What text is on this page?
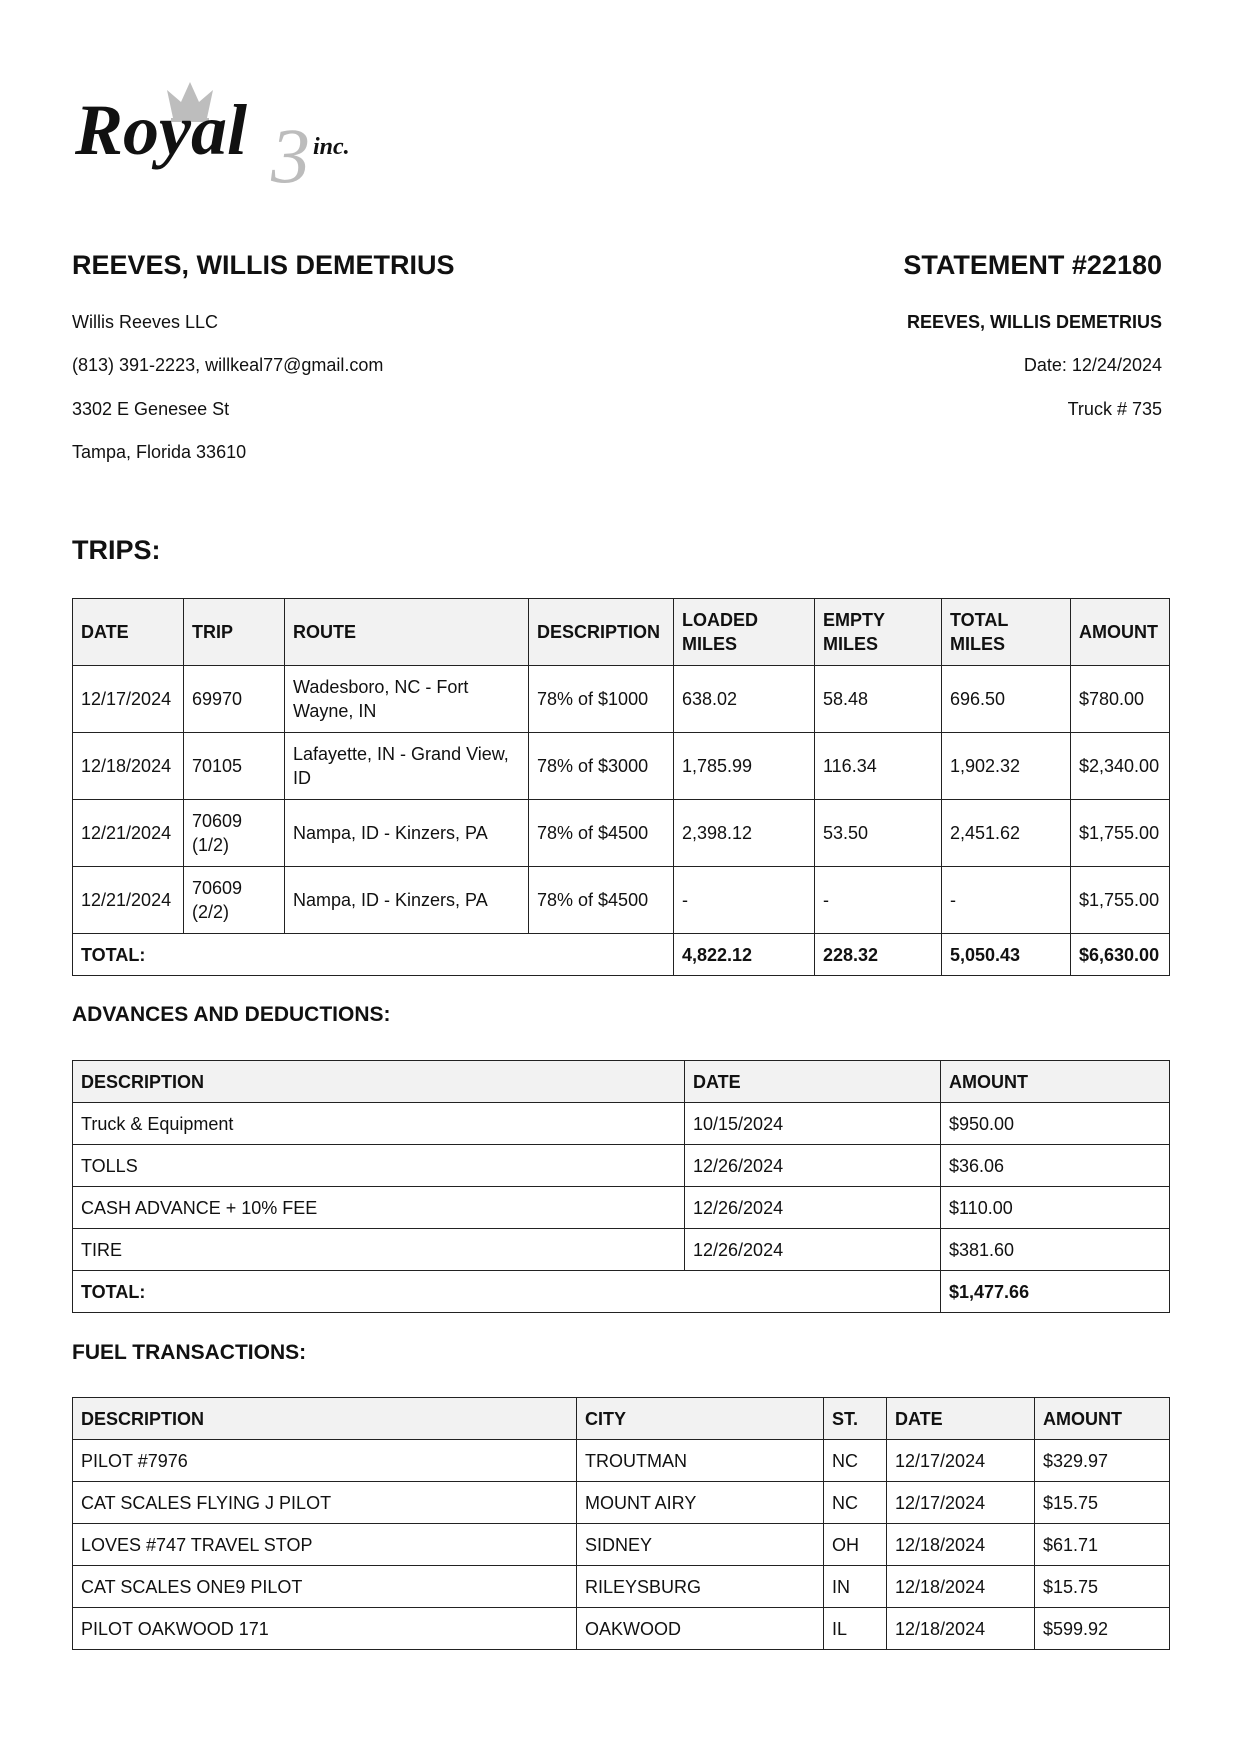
3
Royal	inc.
REEVES, WILLIS DEMETRIUS	STATEMENT #22180
Willis Reeves LLC
(813) 391-2223, willkeal77@gmail.com
3302 E Genesee St
Tampa, Florida 33610
REEVES, WILLIS DEMETRIUS
Date: 12/24/2024
Truck # 735
TRIPS:
DATE	TRIP	ROUTE	DESCRIPTION	LOADED MILES	EMPTY MILES	TOTAL MILES	AMOUNT
12/17/2024	69970	Wadesboro, NC - Fort Wayne, IN	78% of $1000	638.02	58.48	696.50	$780.00
12/18/2024	70105	Lafayette, IN - Grand View, ID	78% of $3000	1,785.99	116.34	1,902.32	$2,340.00
12/21/2024	70609 (1/2)	Nampa, ID - Kinzers, PA	78% of $4500	2,398.12	53.50	2,451.62	$1,755.00
12/21/2024	70609 (2/2)	Nampa, ID - Kinzers, PA	78% of $4500	-	-	-	$1,755.00
TOTAL:				4,822.12	228.32	5,050.43	$6,630.00
ADVANCES AND DEDUCTIONS:
DESCRIPTION	DATE	AMOUNT
Truck & Equipment	10/15/2024	$950.00
TOLLS	12/26/2024	$36.06
CASH ADVANCE + 10% FEE	12/26/2024	$110.00
TIRE	12/26/2024	$381.60
TOTAL:		$1,477.66
FUEL TRANSACTIONS:
DESCRIPTION	CITY	ST.	DATE	AMOUNT
PILOT #7976	TROUTMAN	NC	12/17/2024	$329.97
CAT SCALES FLYING J PILOT	MOUNT AIRY	NC	12/17/2024	$15.75
LOVES #747 TRAVEL STOP	SIDNEY	OH	12/18/2024	$61.71
CAT SCALES ONE9 PILOT	RILEYSBURG	IN	12/18/2024	$15.75
PILOT OAKWOOD 171	OAKWOOD	IL	12/18/2024	$599.92
